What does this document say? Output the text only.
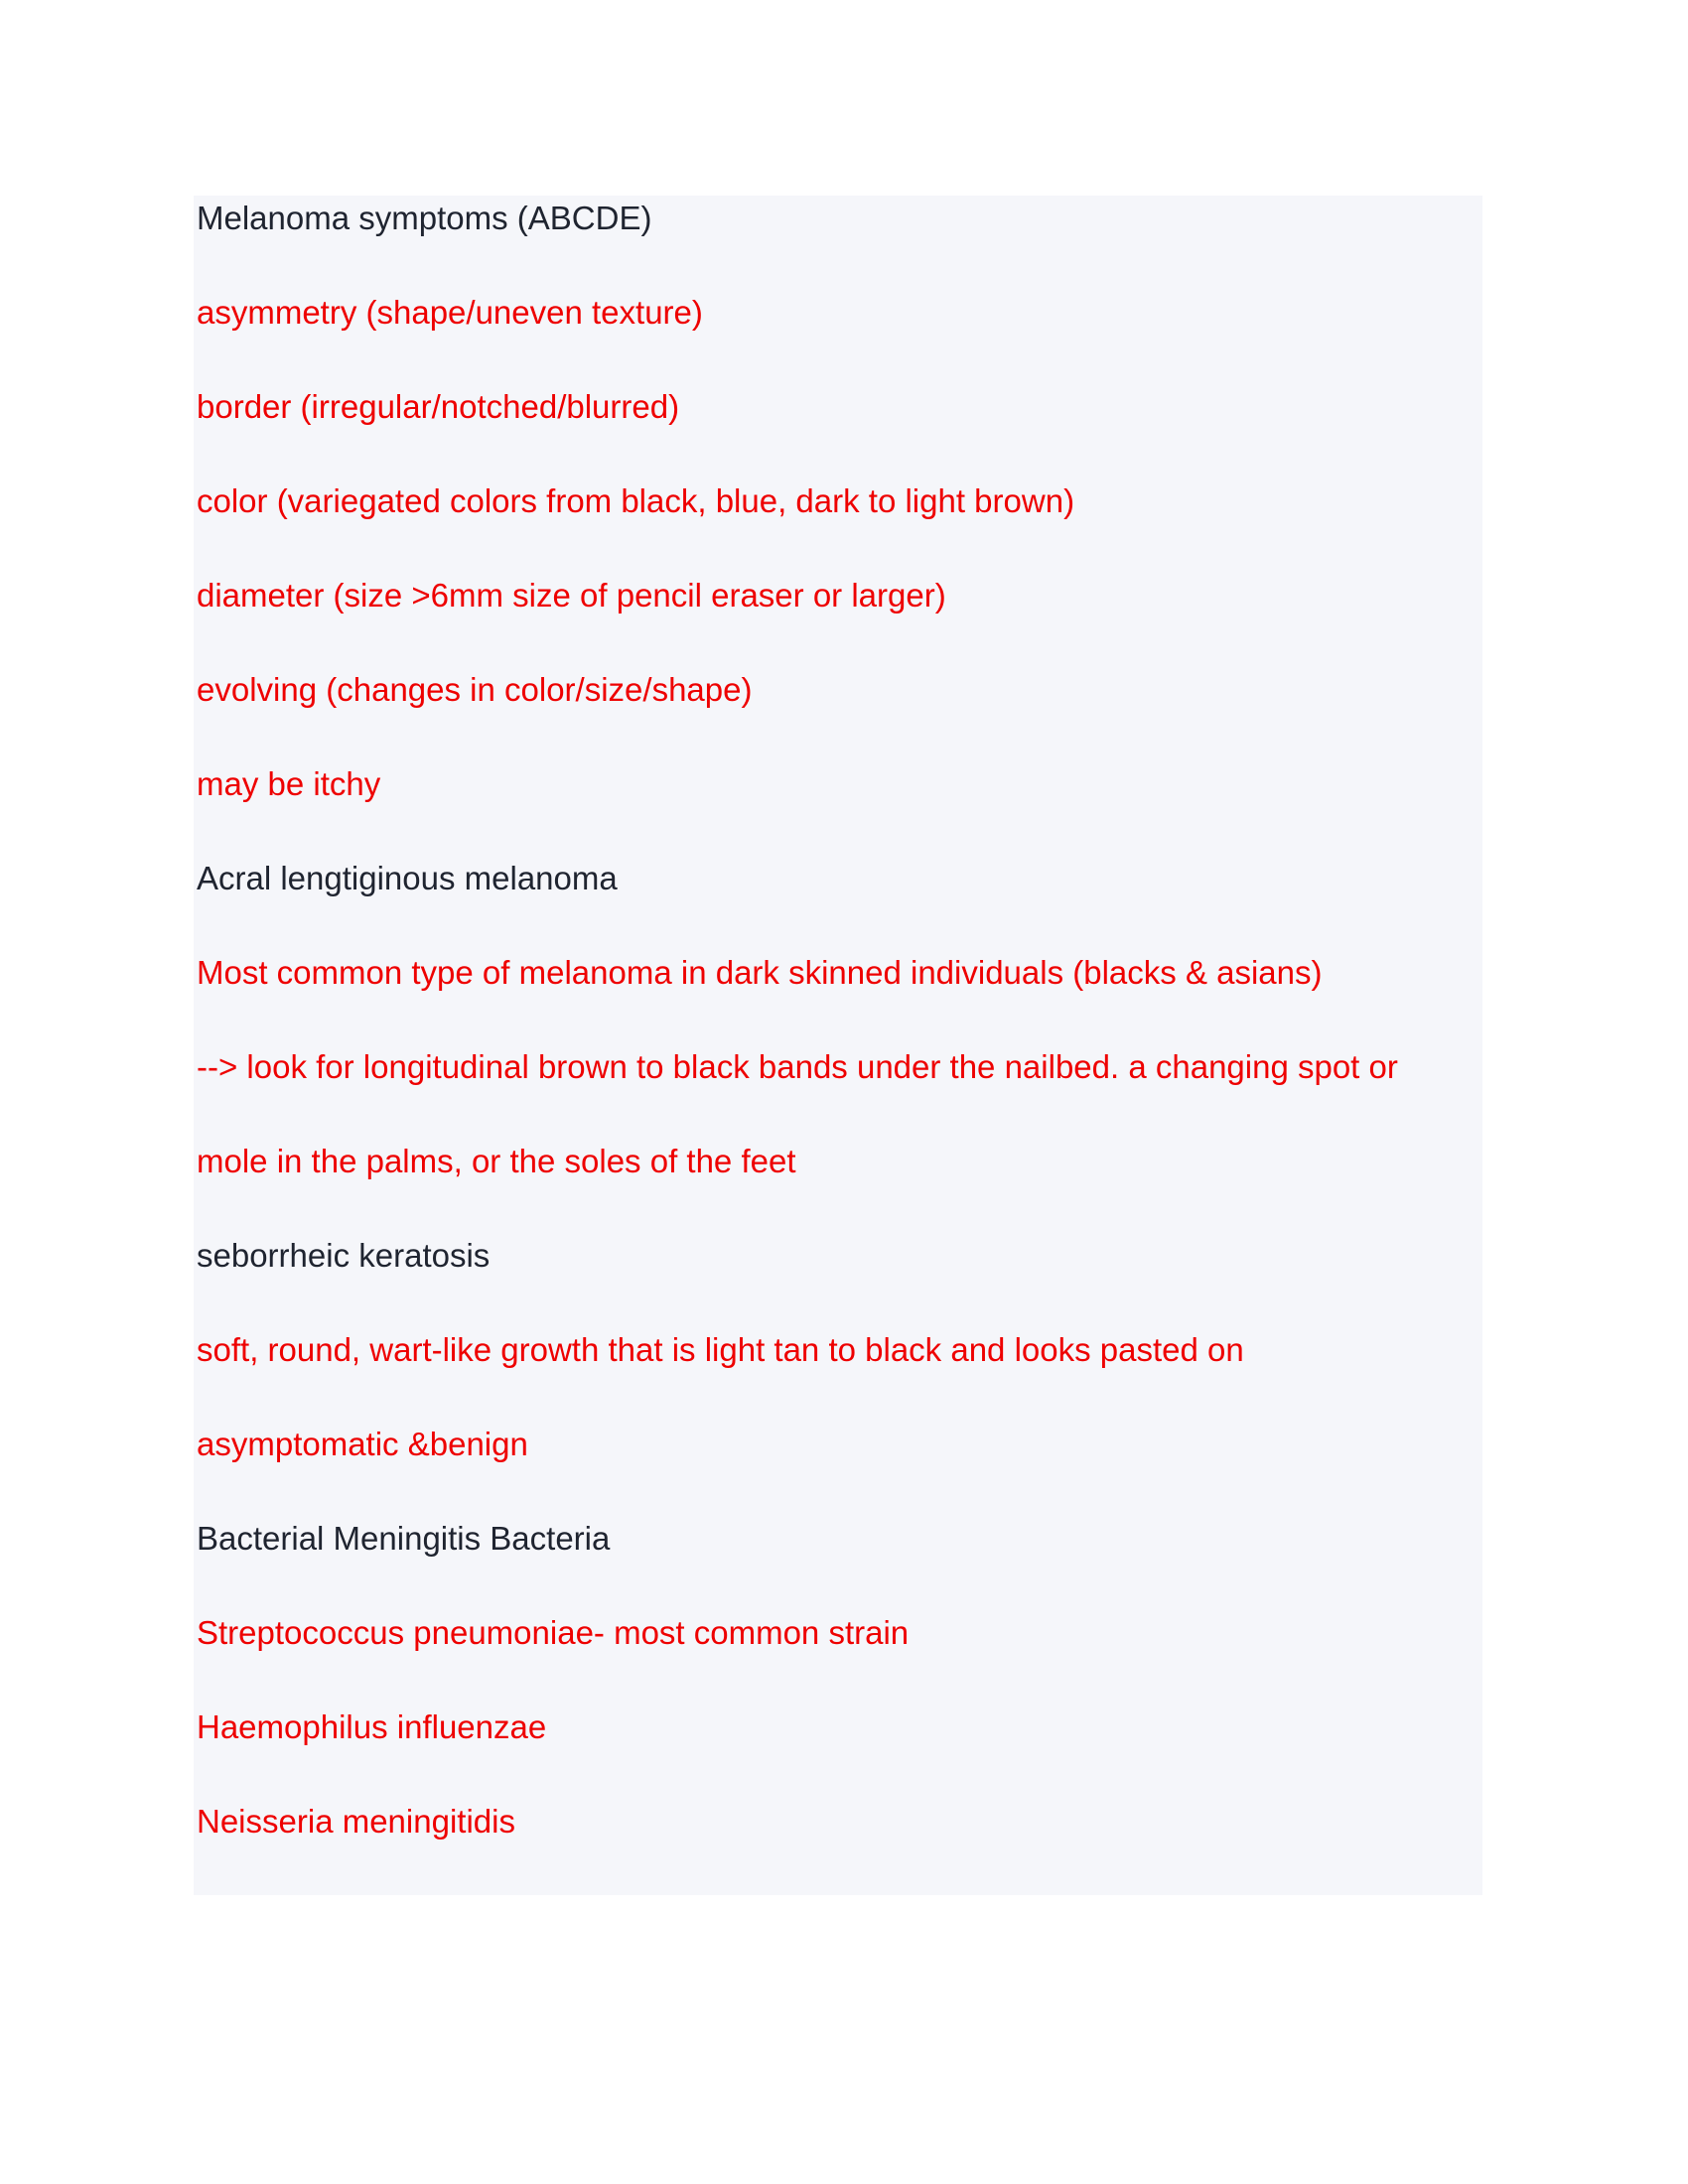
Melanoma symptoms (ABCDE)
asymmetry (shape/uneven texture)
border (irregular/notched/blurred)
color (variegated colors from black, blue, dark to light brown)
diameter (size >6mm size of pencil eraser or larger)
evolving (changes in color/size/shape)
may be itchy
Acral lengtiginous melanoma
Most common type of melanoma in dark skinned individuals (blacks & asians)
--> look for longitudinal brown to black bands under the nailbed. a changing spot or
mole in the palms, or the soles of the feet
seborrheic keratosis
soft, round, wart-like growth that is light tan to black and looks pasted on
asymptomatic &benign
Bacterial Meningitis Bacteria
Streptococcus pneumoniae- most common strain
Haemophilus influenzae
Neisseria meningitidis
